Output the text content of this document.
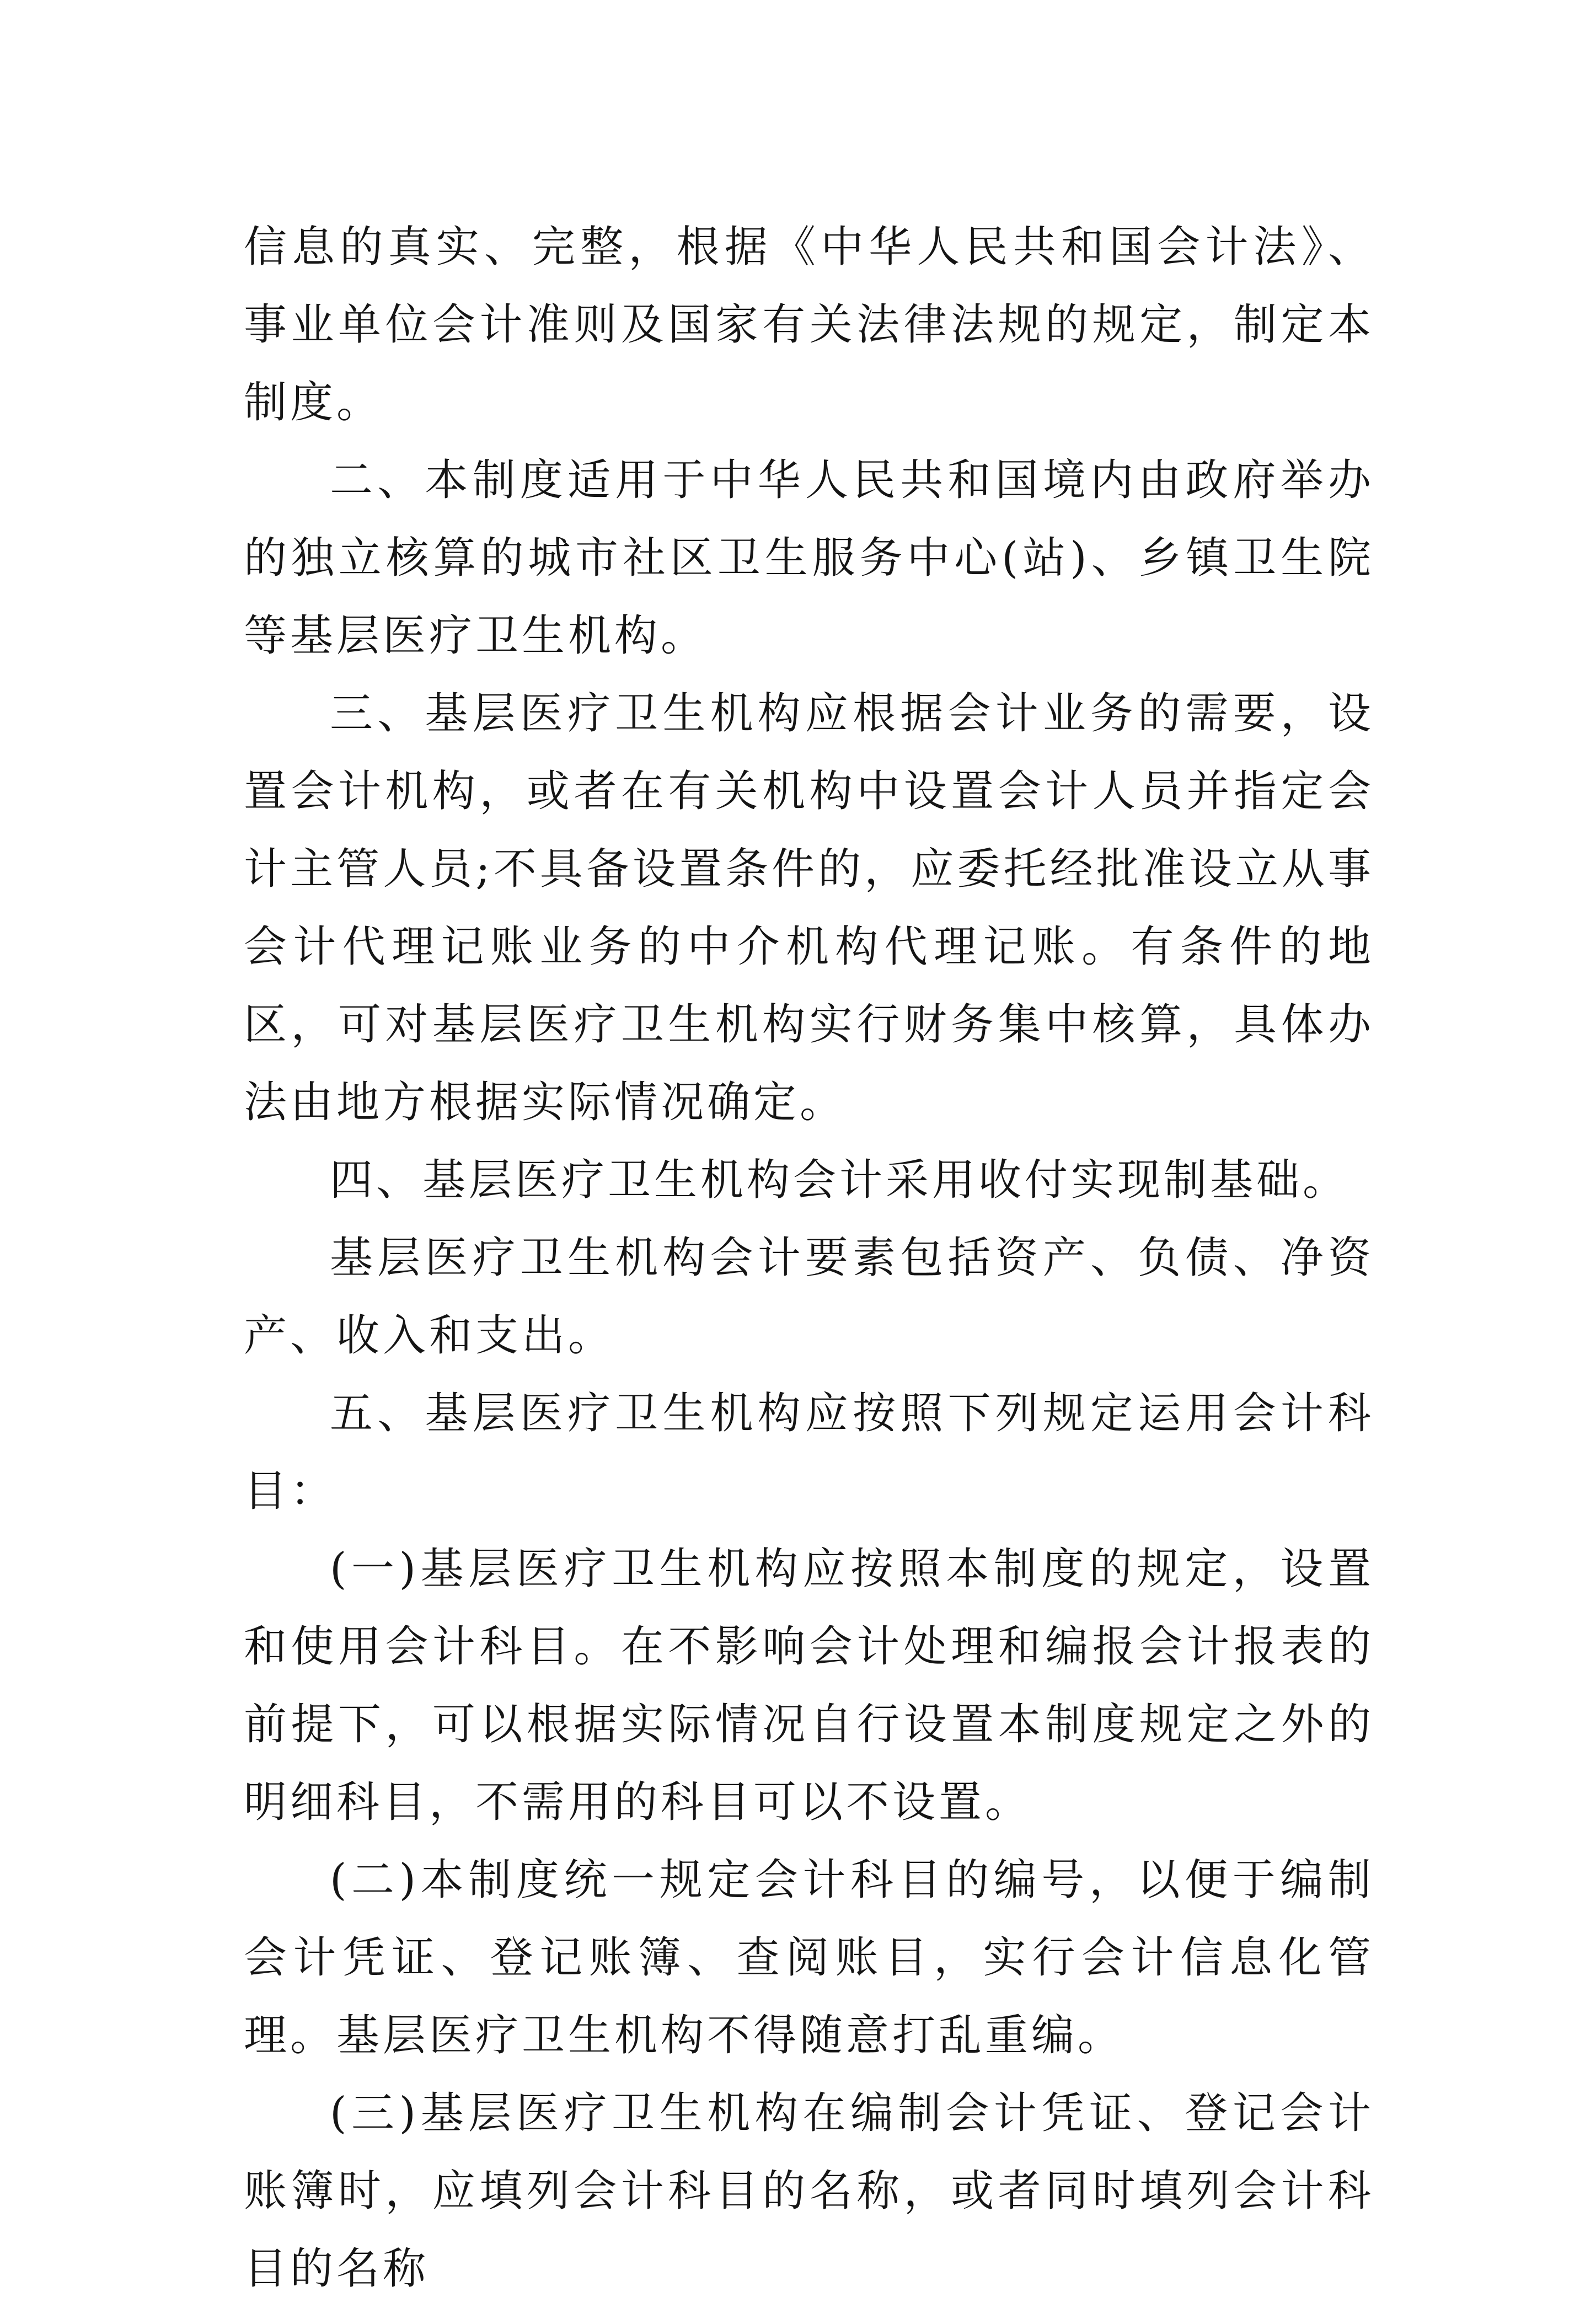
信息的真实、完整，根据《中华人民共和国会计法》、事业单位会计准则及国家有关法律法规的规定，制定本制度。

二、本制度适用于中华人民共和国境内由政府举办的独立核算的城市社区卫生服务中心(站)、乡镇卫生院等基层医疗卫生机构。

三、基层医疗卫生机构应根据会计业务的需要，设置会计机构，或者在有关机构中设置会计人员并指定会计主管人员;不具备设置条件的，应委托经批准设立从事会计代理记账业务的中介机构代理记账。有条件的地区，可对基层医疗卫生机构实行财务集中核算，具体办法由地方根据实际情况确定。

四、基层医疗卫生机构会计采用收付实现制基础。

基层医疗卫生机构会计要素包括资产、负债、净资产、收入和支出。

五、基层医疗卫生机构应按照下列规定运用会计科目：

(一)基层医疗卫生机构应按照本制度的规定，设置和使用会计科目。在不影响会计处理和编报会计报表的前提下，可以根据实际情况自行设置本制度规定之外的明细科目，不需用的科目可以不设置。

(二)本制度统一规定会计科目的编号，以便于编制会计凭证、登记账簿、查阅账目，实行会计信息化管理。基层医疗卫生机构不得随意打乱重编。

(三)基层医疗卫生机构在编制会计凭证、登记会计账簿时，应填列会计科目的名称，或者同时填列会计科目的名称
